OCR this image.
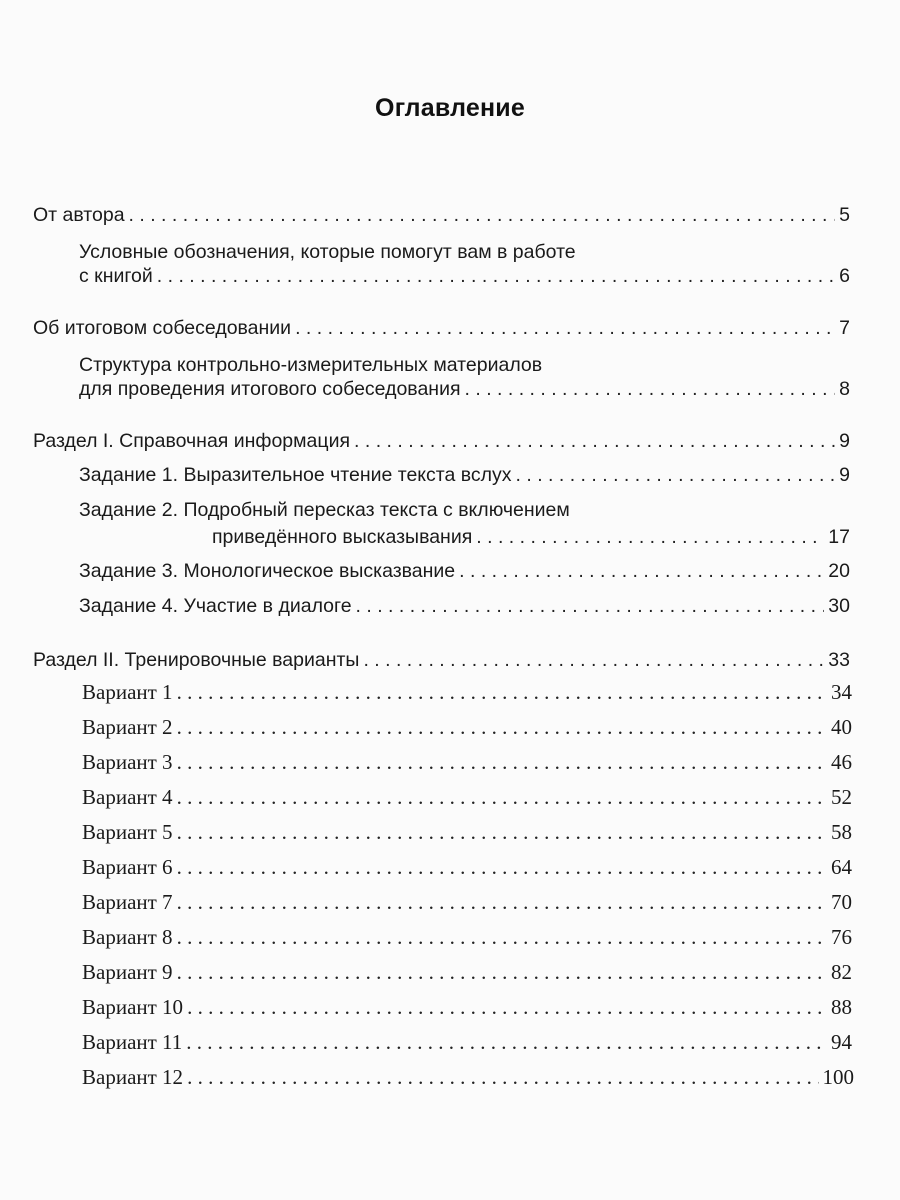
Оглавление
От автора . . .	5
Условные обозначения, которые помогут вам в работе
с книгой . . .	6
Об итоговом собеседовании . . .	7
Структура контрольно-измерительных материалов
для проведения итогового собеседования . . .	8
Раздел I. Справочная информация . . .	9
Задание 1. Выразительное чтение текста вслух . . .	9
Задание 2. Подробный пересказ текста с включением
приведённого высказывания . . .	17
Задание 3. Монологическое высказвание . . .	20
Задание 4. Участие в диалоге . . .	30
Раздел II. Тренировочные варианты . . .	33
Вариант 1 . . .	34
Вариант 2 . . .	40
Вариант 3 . . .	46
Вариант 4 . . .	52
Вариант 5 . . .	58
Вариант 6 . . .	64
Вариант 7 . . .	70
Вариант 8 . . .	76
Вариант 9 . . .	82
Вариант 10 . . .	88
Вариант 11 . . .	94
Вариант 12 . . .	100
